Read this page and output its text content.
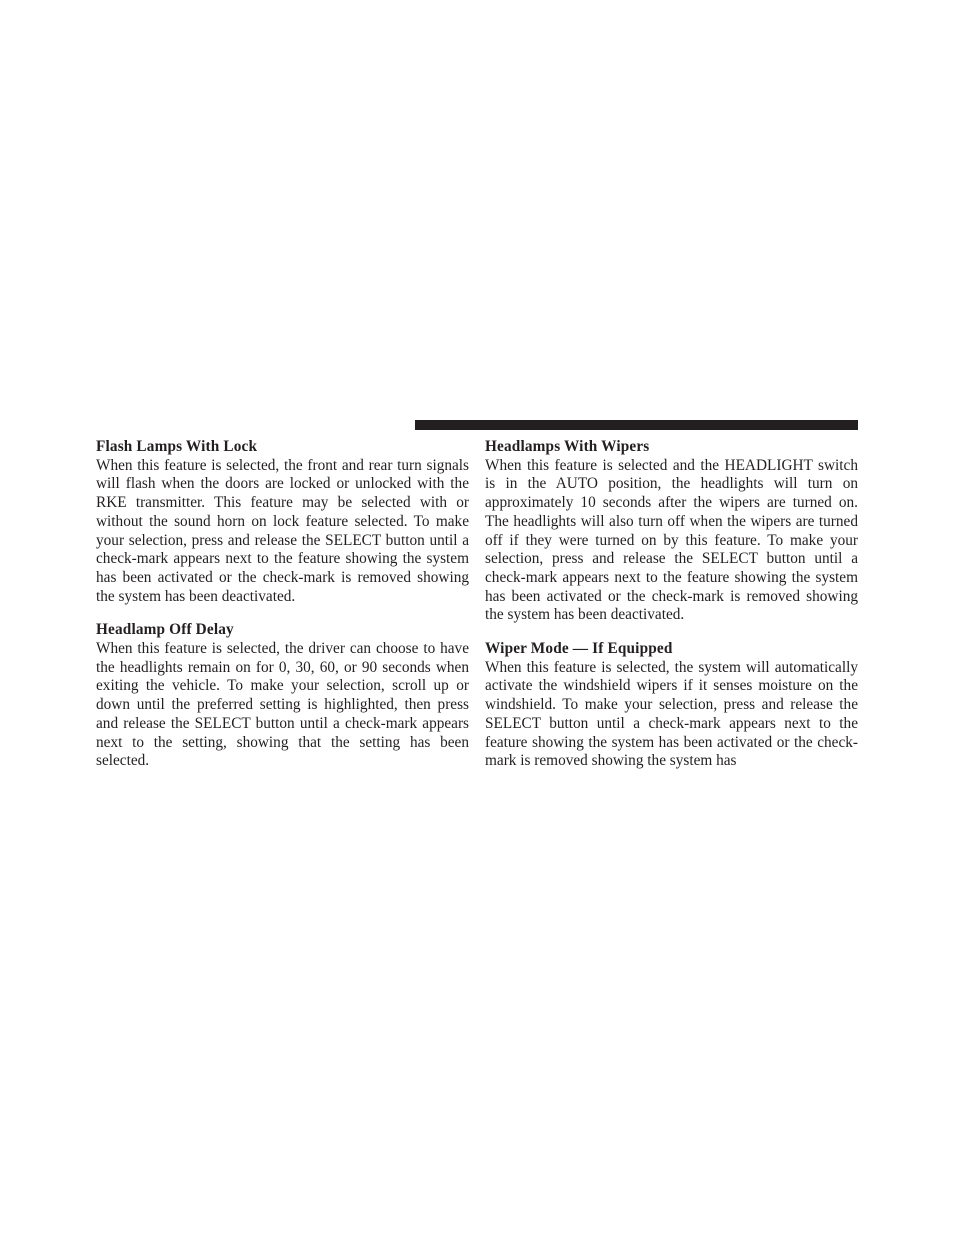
Flash Lamps With Lock

When this feature is selected, the front and rear turn signals will flash when the doors are locked or unlocked with the RKE transmitter. This feature may be selected with or without the sound horn on lock feature selected. To make your selection, press and release the SELECT button until a check-mark appears next to the feature showing the system has been activated or the check-mark is removed showing the system has been deactivated.

Headlamp Off Delay

When this feature is selected, the driver can choose to have the headlights remain on for 0, 30, 60, or 90 seconds when exiting the vehicle. To make your selection, scroll up or down until the preferred setting is highlighted, then press and release the SELECT button until a check-mark appears next to the setting, showing that the setting has been selected.

Headlamps With Wipers

When this feature is selected and the HEADLIGHT switch is in the AUTO position, the headlights will turn on approximately 10 seconds after the wipers are turned on. The headlights will also turn off when the wipers are turned off if they were turned on by this feature. To make your selection, press and release the SELECT button until a check-mark appears next to the feature showing the system has been activated or the check-mark is removed showing the system has been deactivated.

Wiper Mode — If Equipped

When this feature is selected, the system will automatically activate the windshield wipers if it senses moisture on the windshield. To make your selection, press and release the SELECT button until a check-mark appears next to the feature showing the system has been activated or the check-mark is removed showing the system has
